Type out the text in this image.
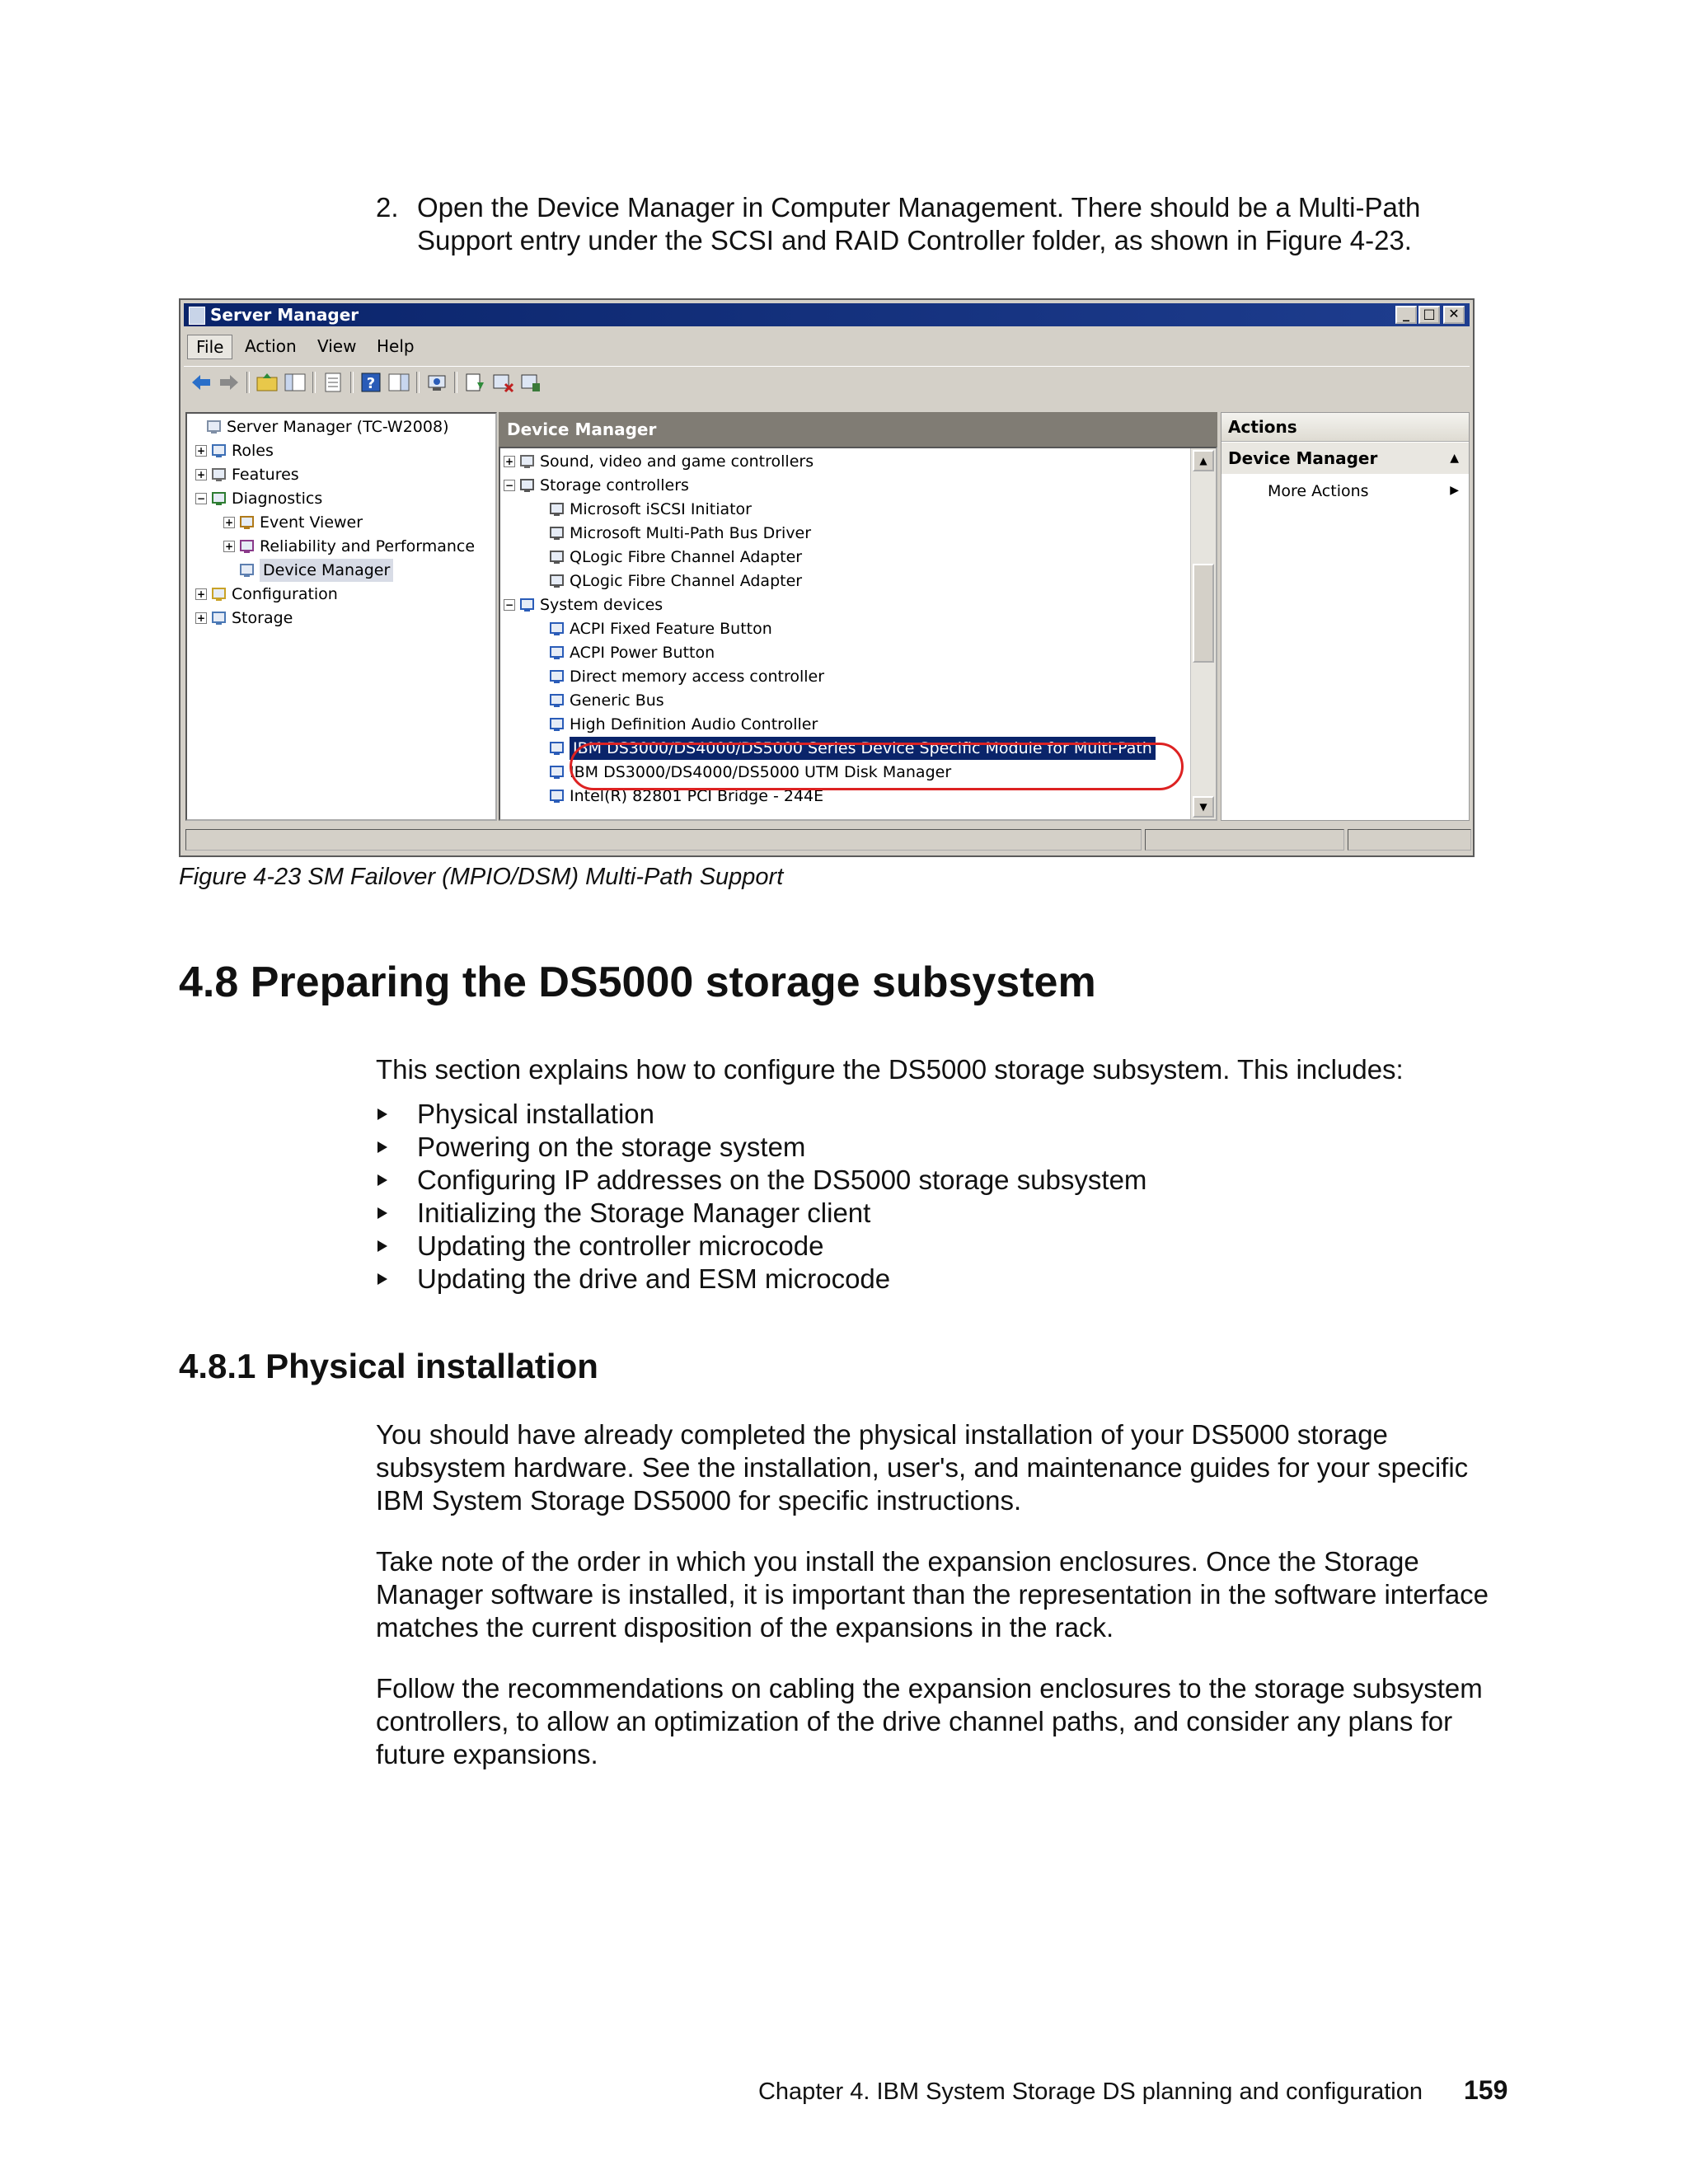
2. Open the Device Manager in Computer Management. There should be a Multi-Path Support entry under the SCSI and RAID Controller folder, as shown in Figure 4-23.
Server Manager	_	□ ✕
File	Action	View	Help
?
Server Manager (TC-W2008)
+ Roles
+ Features
− Diagnostics
+ Event Viewer
+ Reliability and Performance
Device Manager
+ Configuration
+ Storage
Device Manager
+ Sound, video and game controllers
− Storage controllers
Microsoft iSCSI Initiator
Microsoft Multi-Path Bus Driver
QLogic Fibre Channel Adapter
QLogic Fibre Channel Adapter
− System devices
ACPI Fixed Feature Button
ACPI Power Button
Direct memory access controller
Generic Bus
High Definition Audio Controller
IBM DS3000/DS4000/DS5000 Series Device Specific Module for Multi-Path
IBM DS3000/DS4000/DS5000 UTM Disk Manager
Intel(R) 82801 PCI Bridge - 244E
▲
▼
Actions
Device Manager	▲
More Actions	▶
Figure 4-23 SM Failover (MPIO/DSM) Multi-Path Support
4.8 Preparing the DS5000 storage subsystem
This section explains how to configure the DS5000 storage subsystem. This includes:
Physical installation
Powering on the storage system
Configuring IP addresses on the DS5000 storage subsystem
Initializing the Storage Manager client
Updating the controller microcode
Updating the drive and ESM microcode
4.8.1 Physical installation
You should have already completed the physical installation of your DS5000 storage subsystem hardware. See the installation, user's, and maintenance guides for your specific IBM System Storage DS5000 for specific instructions.
Take note of the order in which you install the expansion enclosures. Once the Storage Manager software is installed, it is important than the representation in the software interface matches the current disposition of the expansions in the rack.
Follow the recommendations on cabling the expansion enclosures to the storage subsystem controllers, to allow an optimization of the drive channel paths, and consider any plans for future expansions.
Chapter 4. IBM System Storage DS planning and configuration 159
